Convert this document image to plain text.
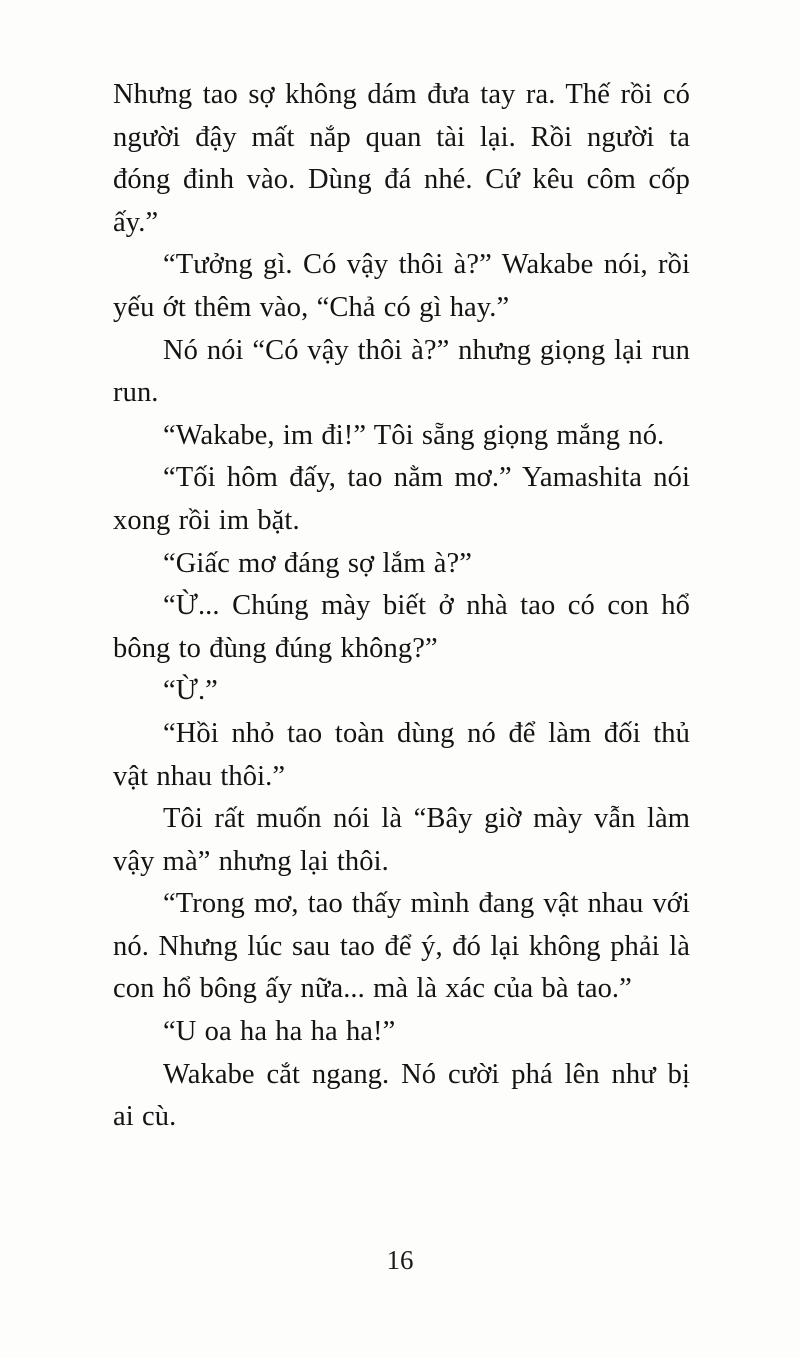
Nhưng tao sợ không dám đưa tay ra. Thế rồi có người đậy mất nắp quan tài lại. Rồi người ta đóng đinh vào. Dùng đá nhé. Cứ kêu côm cốp ấy.”

“Tưởng gì. Có vậy thôi à?” Wakabe nói, rồi yếu ớt thêm vào, “Chả có gì hay.”

Nó nói “Có vậy thôi à?” nhưng giọng lại run run.

“Wakabe, im đi!” Tôi sẵng giọng mắng nó.

“Tối hôm đấy, tao nằm mơ.” Yamashita nói xong rồi im bặt.

“Giấc mơ đáng sợ lắm à?”

“Ừ... Chúng mày biết ở nhà tao có con hổ bông to đùng đúng không?”

“Ừ.”

“Hồi nhỏ tao toàn dùng nó để làm đối thủ vật nhau thôi.”

Tôi rất muốn nói là “Bây giờ mày vẫn làm vậy mà” nhưng lại thôi.

“Trong mơ, tao thấy mình đang vật nhau với nó. Nhưng lúc sau tao để ý, đó lại không phải là con hổ bông ấy nữa... mà là xác của bà tao.”

“U oa ha ha ha ha!”

Wakabe cắt ngang. Nó cười phá lên như bị ai cù.

16
